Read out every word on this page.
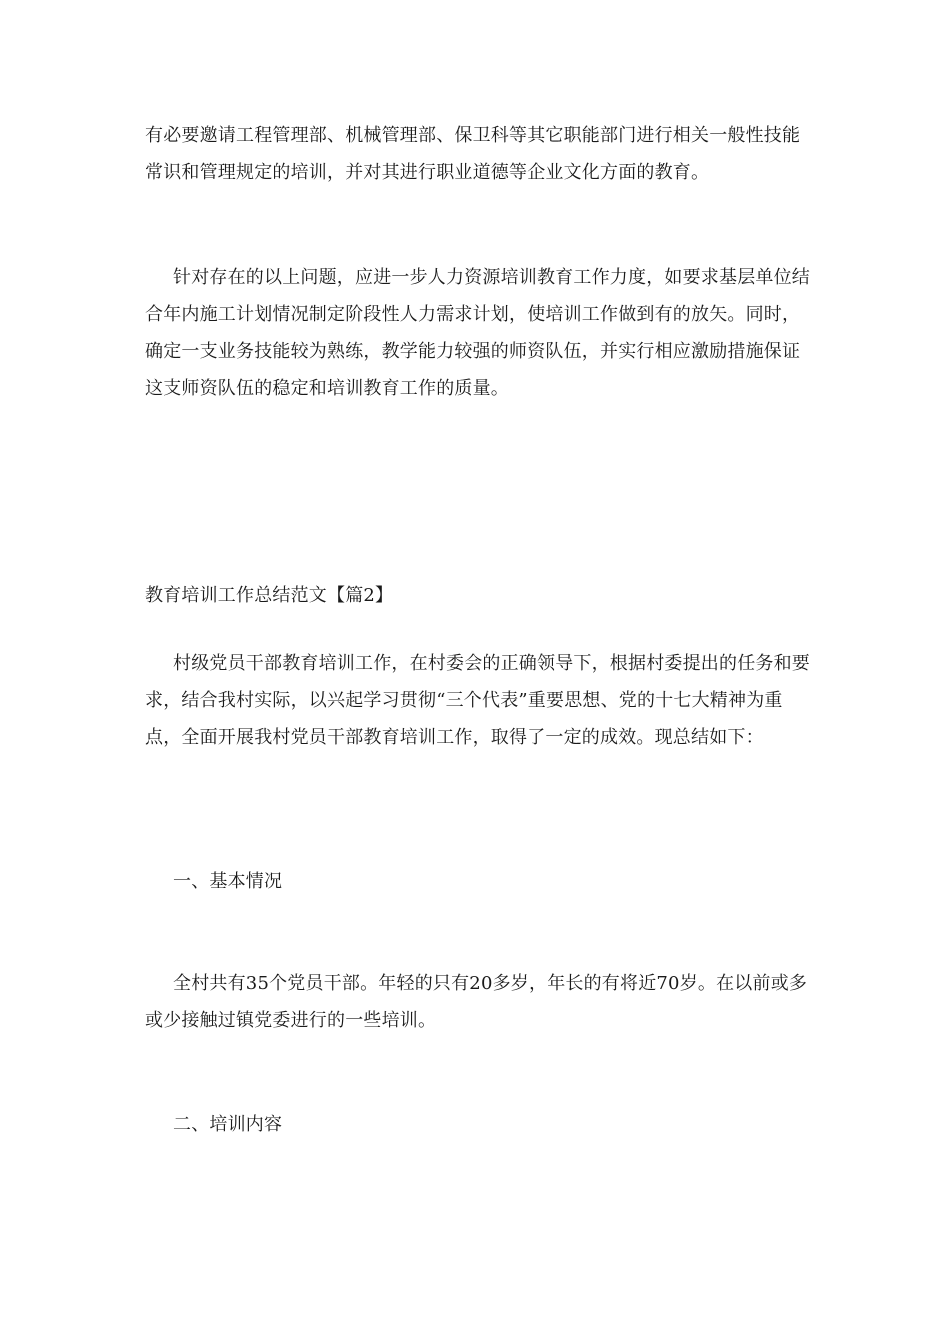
有必要邀请工程管理部、机械管理部、保卫科等其它职能部门进行相关一般性技能常识和管理规定的培训，并对其进行职业道德等企业文化方面的教育。

针对存在的以上问题，应进一步人力资源培训教育工作力度，如要求基层单位结合年内施工计划情况制定阶段性人力需求计划，使培训工作做到有的放矢。同时，确定一支业务技能较为熟练，教学能力较强的师资队伍，并实行相应激励措施保证这支师资队伍的稳定和培训教育工作的质量。

教育培训工作总结范文【篇2】

村级党员干部教育培训工作，在村委会的正确领导下，根据村委提出的任务和要求，结合我村实际，以兴起学习贯彻“三个代表”重要思想、党的十七大精神为重点，全面开展我村党员干部教育培训工作，取得了一定的成效。现总结如下：

一、基本情况

全村共有35个党员干部。年轻的只有20多岁，年长的有将近70岁。在以前或多或少接触过镇党委进行的一些培训。

二、培训内容
